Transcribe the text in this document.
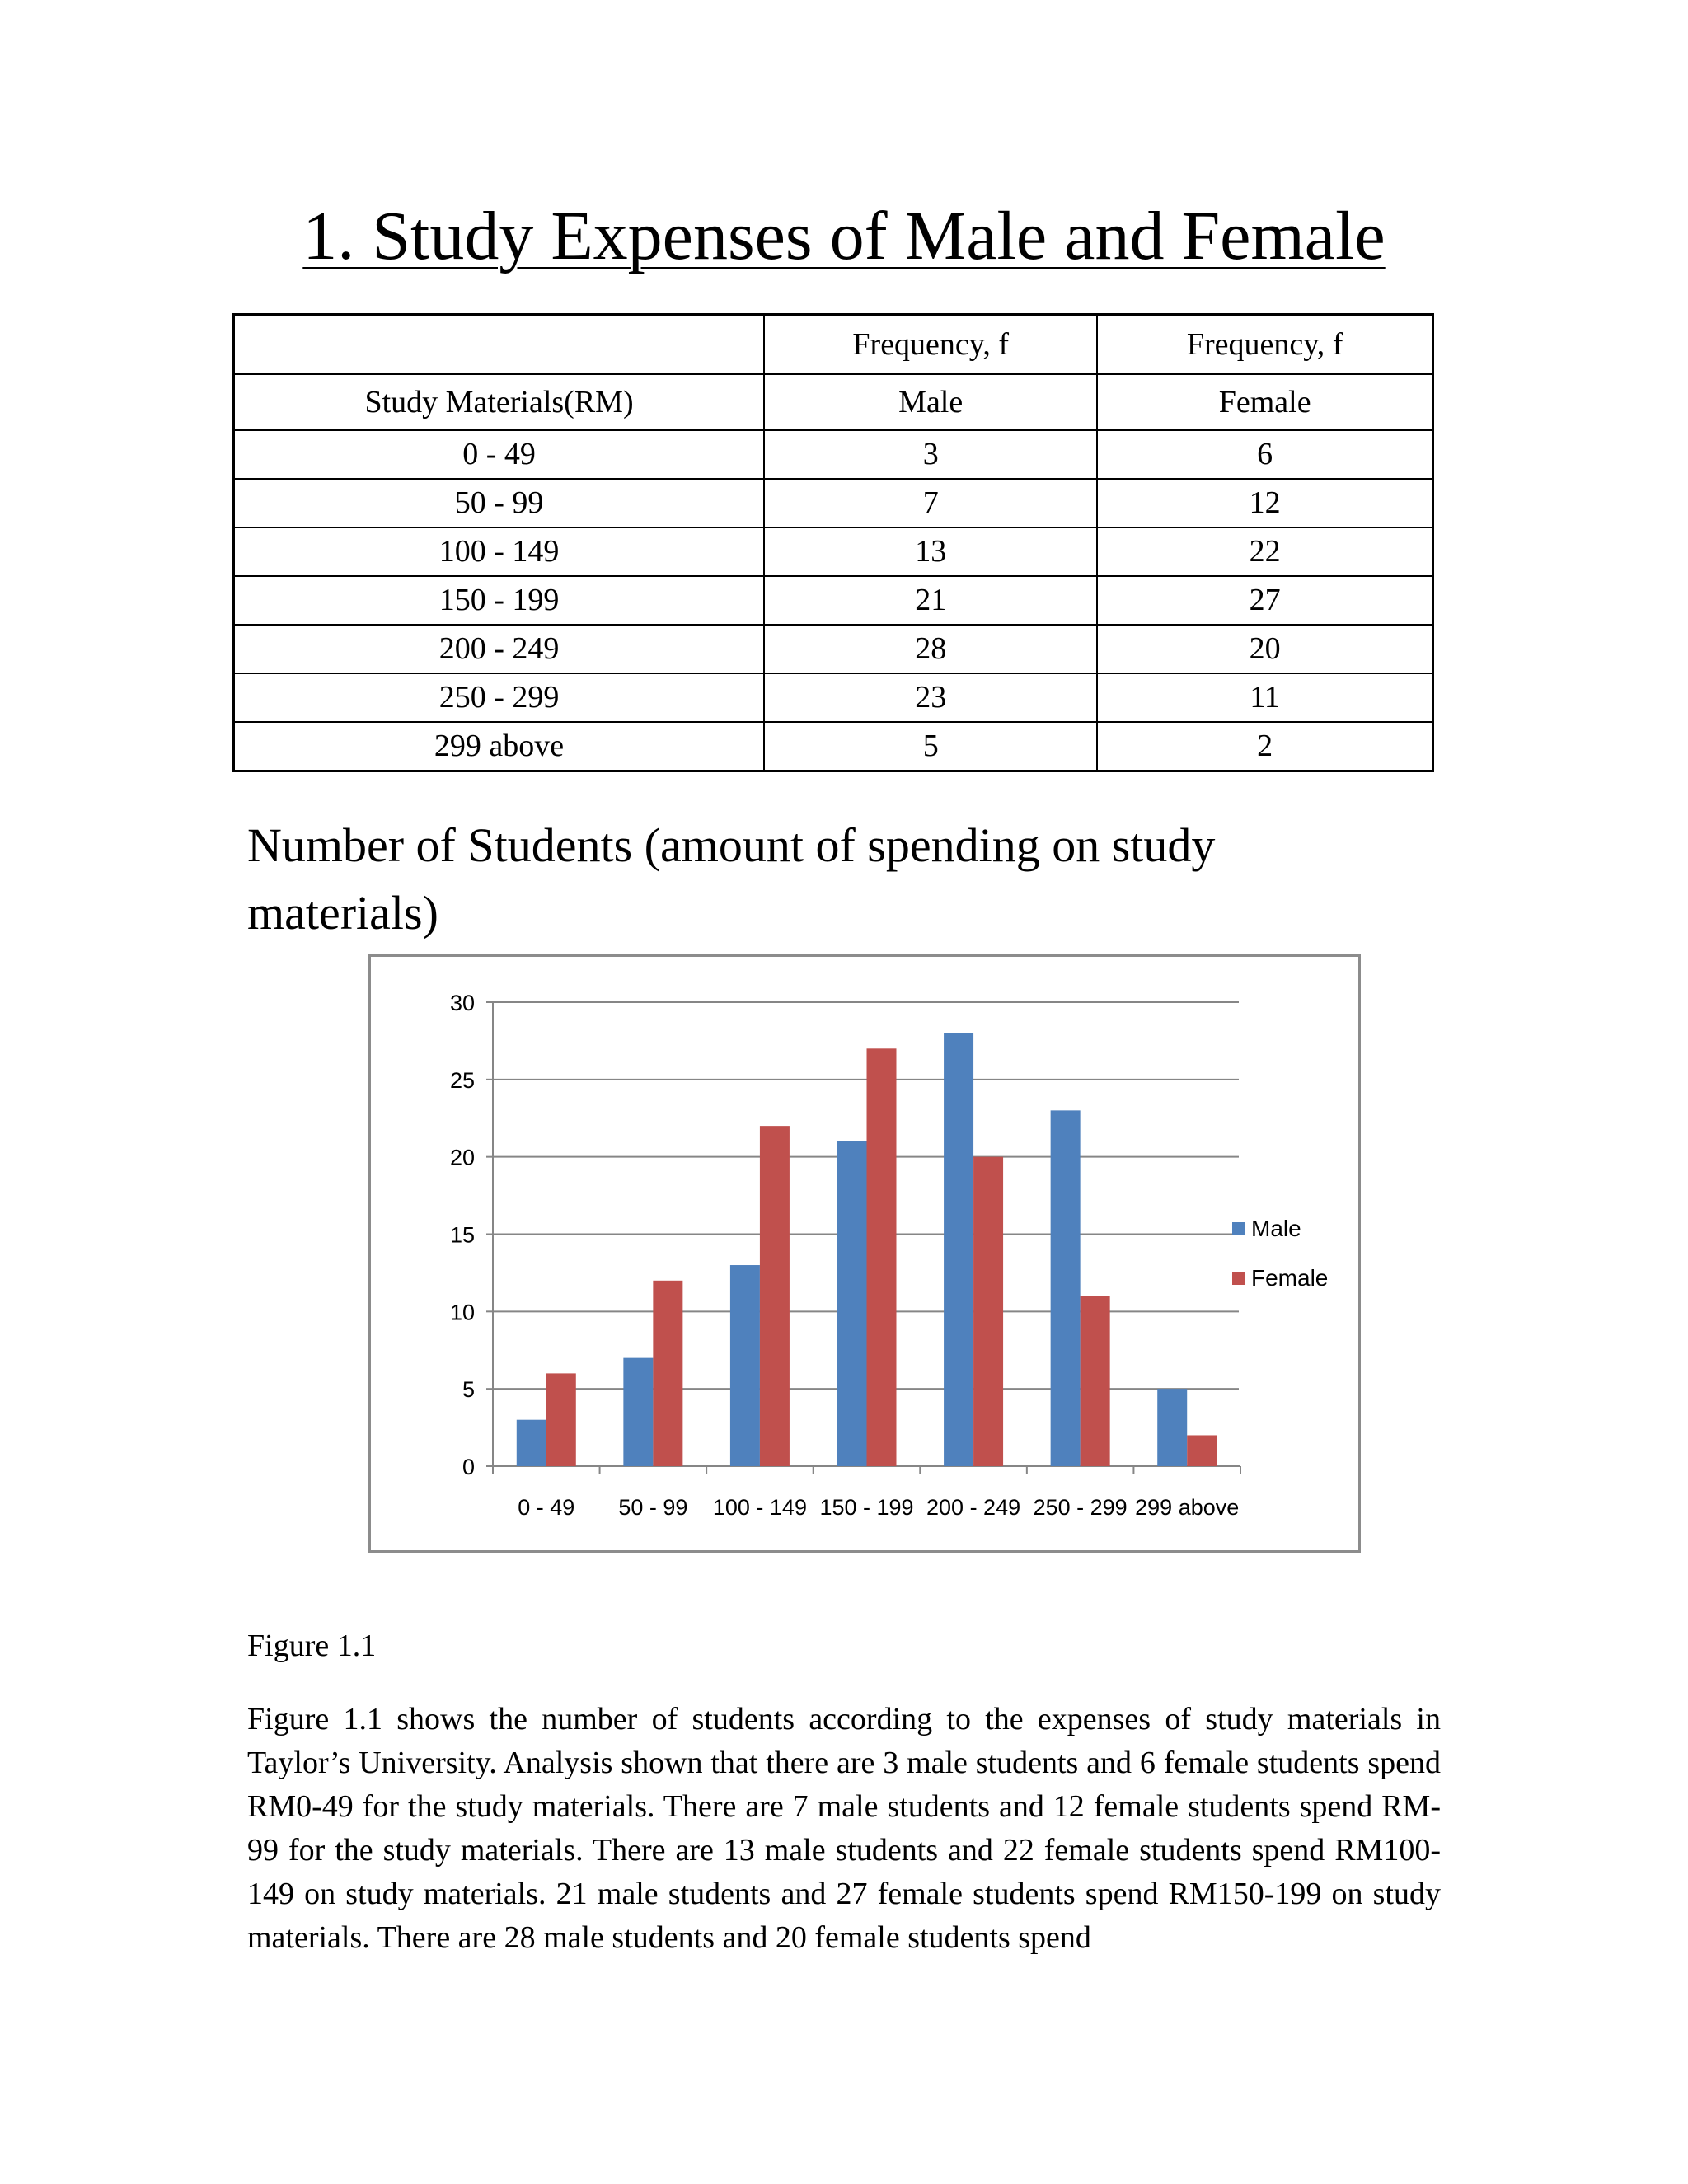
1. Study Expenses of Male and Female
	Frequency, f	Frequency, f
Study Materials(RM)	Male	Female
0 - 49	3	6
50 - 99	7	12
100 - 149	13	22
150 - 199	21	27
200 - 249	28	20
250 - 299	23	11
299 above	5	2

Number of Students (amount of spending on study materials)

0
5
10
15
20
25
30
0 - 49 50 - 99 100 - 149 150 - 199 200 - 249 250 - 299 299 above
Male
Female

Figure 1.1

Figure 1.1 shows the number of students according to the expenses of study materials in Taylor’s University. Analysis shown that there are 3 male students and 6 female students spend RM0-49 for the study materials. There are 7 male students and 12 female students spend RM-99 for the study materials. There are 13 male students and 22 female students spend RM100-149 on study materials. 21 male students and 27 female students spend RM150-199 on study materials. There are 28 male students and 20 female students spend
